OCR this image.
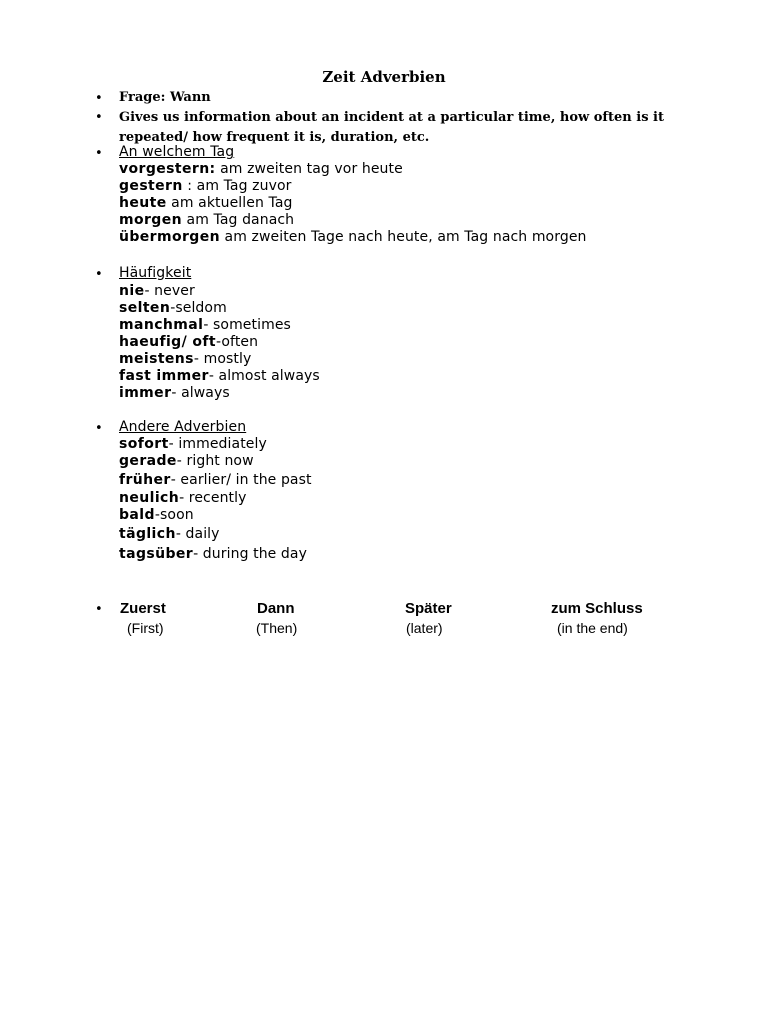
Zeit Adverbien
• Frage: Wann
• Gives us information about an incident at a particular time, how often is it
repeated/ how frequent it is, duration, etc.
• An welchem Tag
vorgestern: am zweiten tag vor heute
gestern : am Tag zuvor
heute am aktuellen Tag
morgen am Tag danach
übermorgen am zweiten Tage nach heute, am Tag nach morgen
• Häufigkeit
nie- never
selten-seldom
manchmal- sometimes
haeufig/ oft-often
meistens- mostly
fast immer- almost always
immer- always
• Andere Adverbien
sofort- immediately
gerade- right now
früher- earlier/ in the past
neulich- recently
bald-soon
täglich- daily
tagsüber- during the day
• Zuerst	Dann	Später	zum Schluss
(First)	(Then)	(later)	(in the end)
